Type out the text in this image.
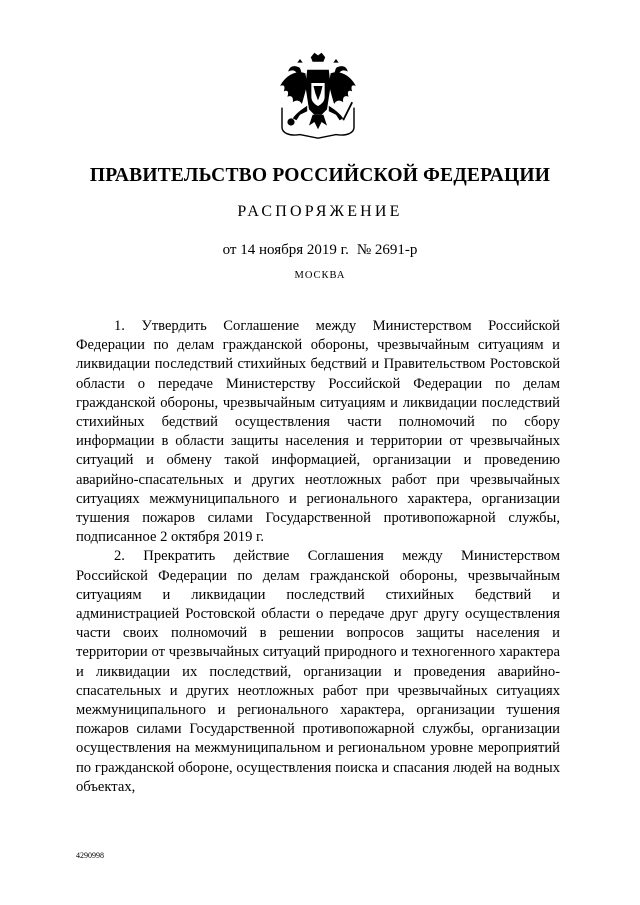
ПРАВИТЕЛЬСТВО РОССИЙСКОЙ ФЕДЕРАЦИИ
РАСПОРЯЖЕНИЕ
от 14 ноября 2019 г. № 2691-р
МОСКВА

1. Утвердить Соглашение между Министерством Российской Федерации по делам гражданской обороны, чрезвычайным ситуациям и ликвидации последствий стихийных бедствий и Правительством Ростовской области о передаче Министерству Российской Федерации по делам гражданской обороны, чрезвычайным ситуациям и ликвидации последствий стихийных бедствий осуществления части полномочий по сбору информации в области защиты населения и территории от чрезвычайных ситуаций и обмену такой информацией, организации и проведению аварийно-спасательных и других неотложных работ при чрезвычайных ситуациях межмуниципального и регионального характера, организации тушения пожаров силами Государственной противопожарной службы, подписанное 2 октября 2019 г.

2. Прекратить действие Соглашения между Министерством Российской Федерации по делам гражданской обороны, чрезвычайным ситуациям и ликвидации последствий стихийных бедствий и администрацией Ростовской области о передаче друг другу осуществления части своих полномочий в решении вопросов защиты населения и территории от чрезвычайных ситуаций природного и техногенного характера и ликвидации их последствий, организации и проведения аварийно-спасательных и других неотложных работ при чрезвычайных ситуациях межмуниципального и регионального характера, организации тушения пожаров силами Государственной противопожарной службы, организации осуществления на межмуниципальном и региональном уровне мероприятий по гражданской обороне, осуществления поиска и спасания людей на водных объектах,

4290998
